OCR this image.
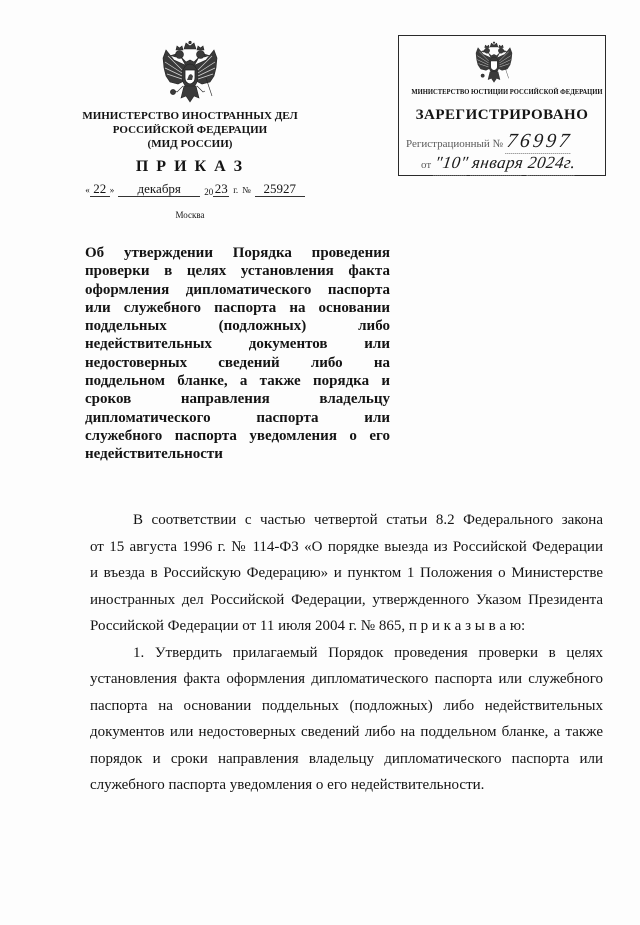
МИНИСТЕРСТВО ИНОСТРАННЫХ ДЕЛ
РОССИЙСКОЙ ФЕДЕРАЦИИ
(МИД РОССИИ)
П Р И К А З
« 22 » декабря	20 23 г. № 25927
Москва
МИНИСТЕРСТВО ЮСТИЦИИ РОССИЙСКОЙ ФЕДЕРАЦИИ
ЗАРЕГИСТРИРОВАНО
Регистрационный № 76997
от "10" января 2024г.
Об утверждении Порядка проведения
проверки в целях установления факта
оформления дипломатического паспорта
или служебного паспорта на основании
поддельных (подложных) либо
недействительных документов или
недостоверных сведений либо на
поддельном бланке, а также порядка и
сроков направления владельцу
дипломатического паспорта или
служебного паспорта уведомления о его
недействительности
В соответствии с частью четвертой статьи 8.2 Федерального закона
от 15 августа 1996 г. № 114-ФЗ «О порядке выезда из Российской Федерации
и въезда в Российскую Федерацию» и пунктом 1 Положения о Министерстве
иностранных дел Российской Федерации, утвержденного Указом Президента
Российской Федерации от 11 июля 2004 г. № 865, п р и к а з ы в а ю:
1. Утвердить прилагаемый Порядок проведения проверки в целях
установления факта оформления дипломатического паспорта или служебного
паспорта на основании поддельных (подложных) либо недействительных
документов или недостоверных сведений либо на поддельном бланке, а также
порядок и сроки направления владельцу дипломатического паспорта или
служебного паспорта уведомления о его недействительности.
